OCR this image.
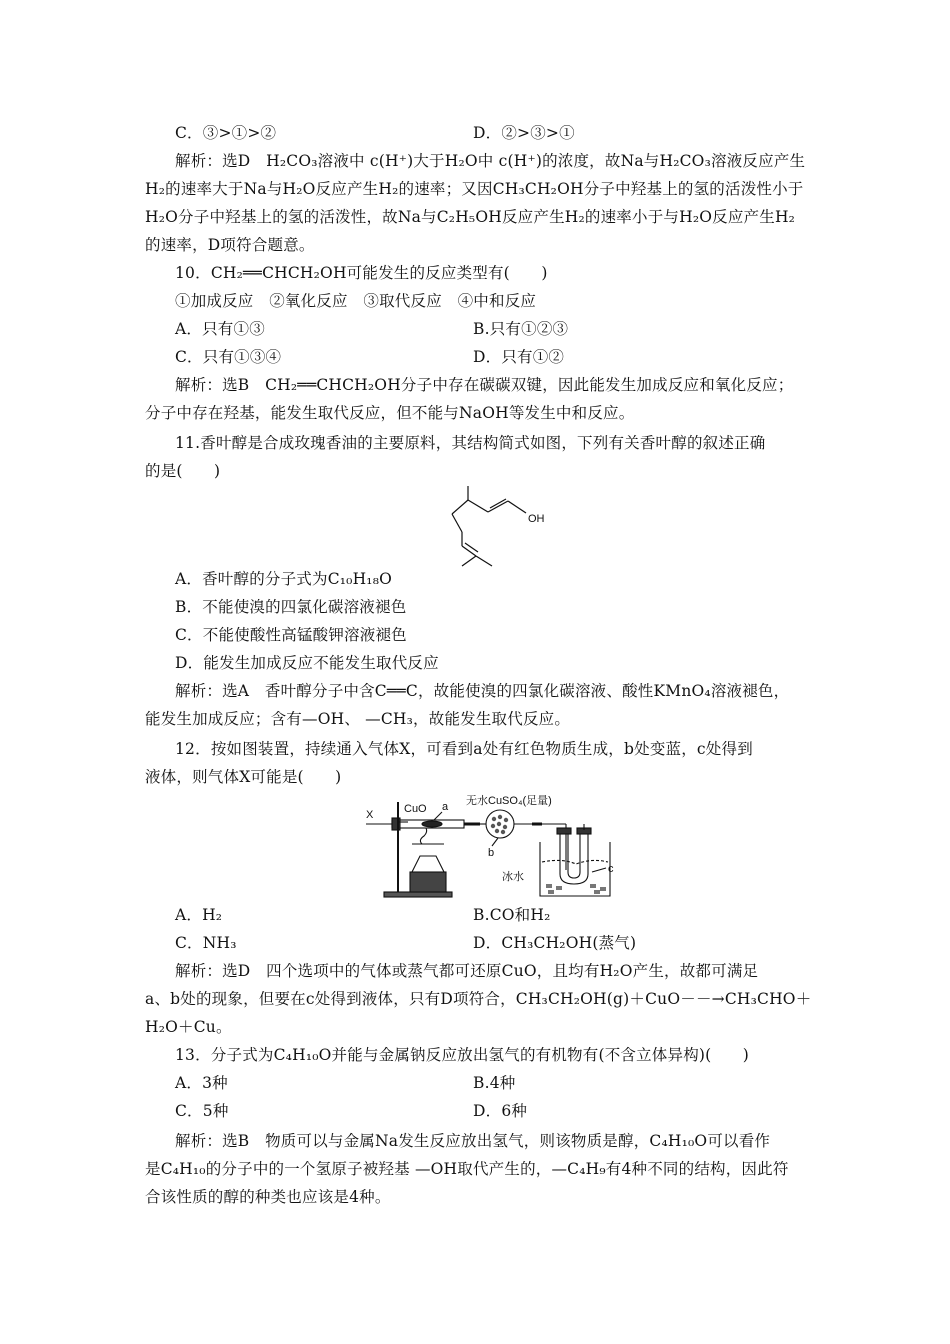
C．③>①>②	D．②>③>①
解析：选D　H₂CO₃溶液中 c(H⁺)大于H₂O中 c(H⁺)的浓度，故Na与H₂CO₃溶液反应产生
H₂的速率大于Na与H₂O反应产生H₂的速率；又因CH₃CH₂OH分子中羟基上的氢的活泼性小于
H₂O分子中羟基上的氢的活泼性，故Na与C₂H₅OH反应产生H₂的速率小于与H₂O反应产生H₂
的速率，D项符合题意。
10．CH₂══CHCH₂OH可能发生的反应类型有(　　)
①加成反应　②氧化反应　③取代反应　④中和反应
A．只有①③	B.只有①②③
C．只有①③④	D．只有①②
解析：选B　CH₂══CHCH₂OH分子中存在碳碳双键，因此能发生加成反应和氧化反应；
分子中存在羟基，能发生取代反应，但不能与NaOH等发生中和反应。
11.香叶醇是合成玫瑰香油的主要原料，其结构简式如图，下列有关香叶醇的叙述正确
的是(　　)
OH
A．香叶醇的分子式为C₁₀H₁₈O
B．不能使溴的四氯化碳溶液褪色
C．不能使酸性高锰酸钾溶液褪色
D．能发生加成反应不能发生取代反应
解析：选A　香叶醇分子中含C══C，故能使溴的四氯化碳溶液、酸性KMnO₄溶液褪色，
能发生加成反应；含有—OH、 —CH₃，故能发生取代反应。
12．按如图装置，持续通入气体X，可看到a处有红色物质生成，b处变蓝，c处得到
液体，则气体X可能是(　　)
X	CuO a
b
c
无水CuSO₄(足量)
冰水
A．H₂	B.CO和H₂
C．NH₃	D．CH₃CH₂OH(蒸气)
解析：选D　四个选项中的气体或蒸气都可还原CuO，且均有H₂O产生，故都可满足
a、b处的现象，但要在c处得到液体，只有D项符合，CH₃CH₂OH(g)＋CuO－－→CH₃CHO＋
H₂O＋Cu。
13．分子式为C₄H₁₀O并能与金属钠反应放出氢气的有机物有(不含立体异构)(　　)
A．3种	B.4种
C．5种	D．6种
解析：选B　物质可以与金属Na发生反应放出氢气，则该物质是醇，C₄H₁₀O可以看作
是C₄H₁₀的分子中的一个氢原子被羟基 —OH取代产生的，—C₄H₉有4种不同的结构，因此符
合该性质的醇的种类也应该是4种。
